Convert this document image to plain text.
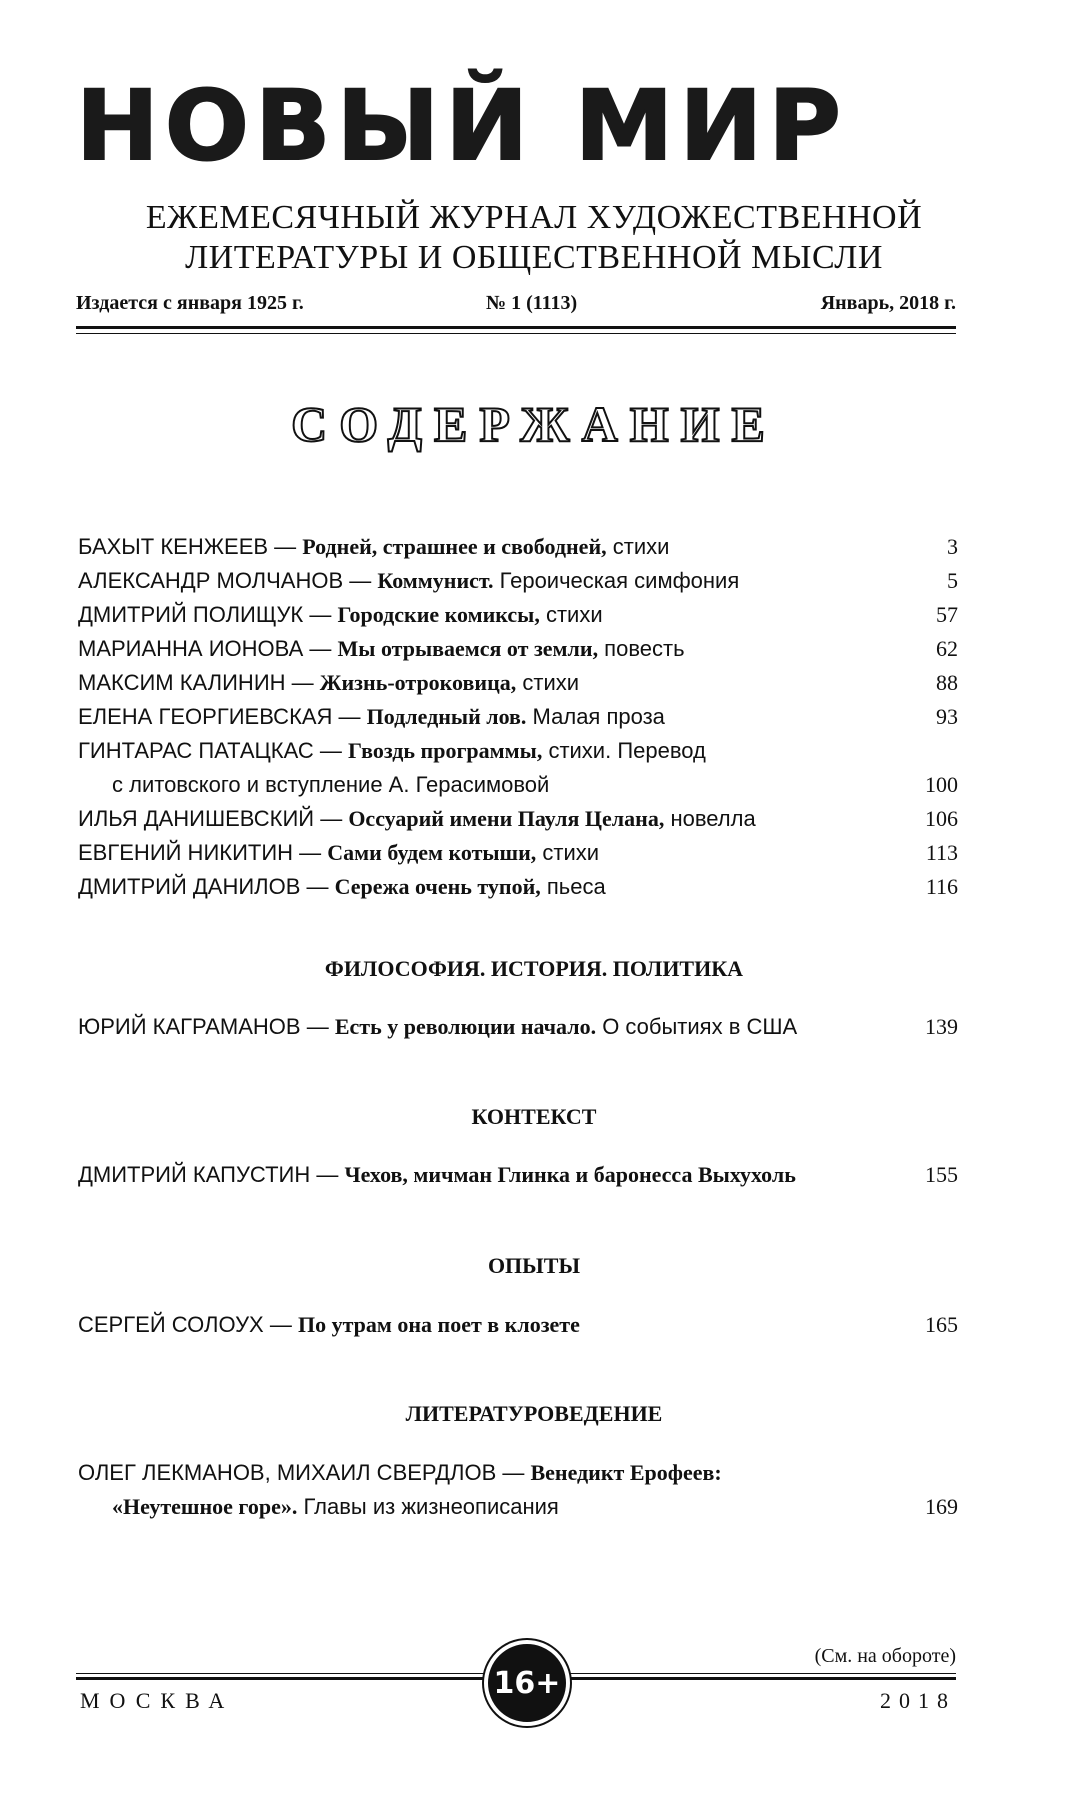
НОВЫЙ МИР
ЕЖЕМЕСЯЧНЫЙ ЖУРНАЛ ХУДОЖЕСТВЕННОЙ
ЛИТЕРАТУРЫ И ОБЩЕСТВЕННОЙ МЫСЛИ
Издается с января 1925 г.	№ 1 (1113)	Январь, 2018 г.
СОДЕРЖАНИЕ
БАХЫТ КЕНЖЕЕВ — Родней, страшнее и свободней, стихи	3
АЛЕКСАНДР МОЛЧАНОВ — Коммунист. Героическая симфония	5
ДМИТРИЙ ПОЛИЩУК — Городские комиксы, стихи	57
МАРИАННА ИОНОВА — Мы отрываемся от земли, повесть	62
МАКСИМ КАЛИНИН — Жизнь-отроковица, стихи	88
ЕЛЕНА ГЕОРГИЕВСКАЯ — Подледный лов. Малая проза	93
ГИНТАРАС ПАТАЦКАС — Гвоздь программы, стихи. Перевод
с литовского и вступление А. Герасимовой	100
ИЛЬЯ ДАНИШЕВСКИЙ — Оссуарий имени Пауля Целана, новелла	106
ЕВГЕНИЙ НИКИТИН — Сами будем котыши, стихи	113
ДМИТРИЙ ДАНИЛОВ — Сережа очень тупой, пьеса	116
ФИЛОСОФИЯ. ИСТОРИЯ. ПОЛИТИКА
ЮРИЙ КАГРАМАНОВ — Есть у революции начало. О событиях в США	139
КОНТЕКСТ
ДМИТРИЙ КАПУСТИН — Чехов, мичман Глинка и баронесса Выхухоль	155
ОПЫТЫ
СЕРГЕЙ СОЛОУХ — По утрам она поет в клозете	165
ЛИТЕРАТУРОВЕДЕНИЕ
ОЛЕГ ЛЕКМАНОВ, МИХАИЛ СВЕРДЛОВ — Венедикт Ерофеев:
«Неутешное горе». Главы из жизнеописания	169
(См. на обороте)
16+
МОСКВА	2018
